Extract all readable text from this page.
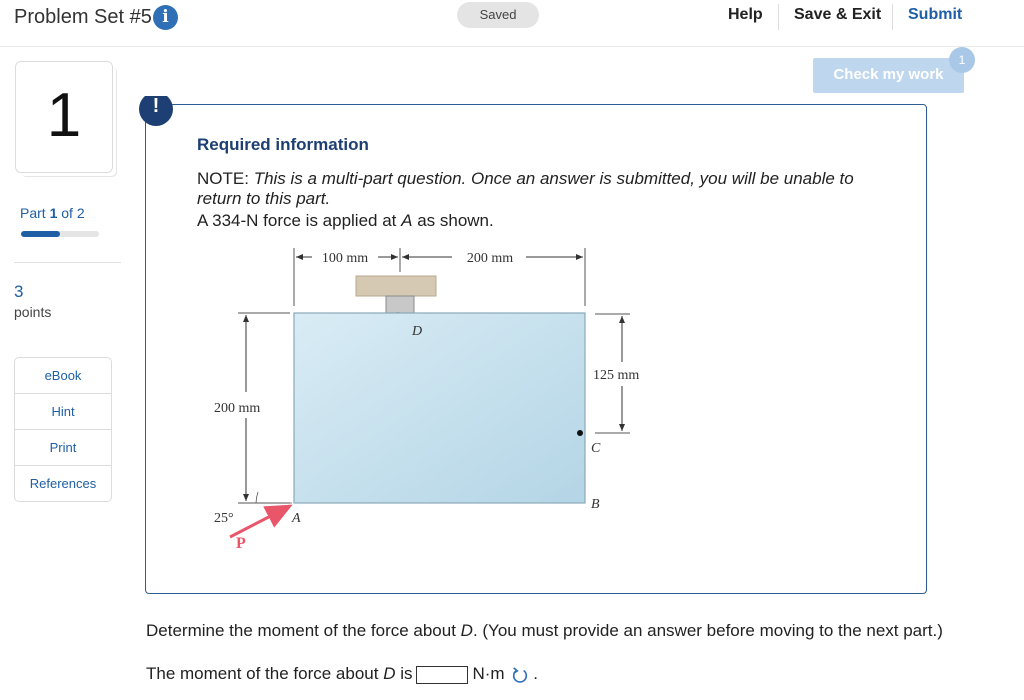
Problem Set #5 i	Saved	Help Save & Exit Submit
1
Part 1 of 2
3
points
eBook
Hint
Print
References
Check my work
1
!
Required information
NOTE: This is a multi-part question. Once an answer is submitted, you will be unable to return to this part.
A 334-N force is applied at A as shown.
100 mm	200 mm
D
125 mm
C
B
200 mm
25°
P
A
Determine the moment of the force about D. (You must provide an answer before moving to the next part.)
The moment of the force about D is	N·m .
